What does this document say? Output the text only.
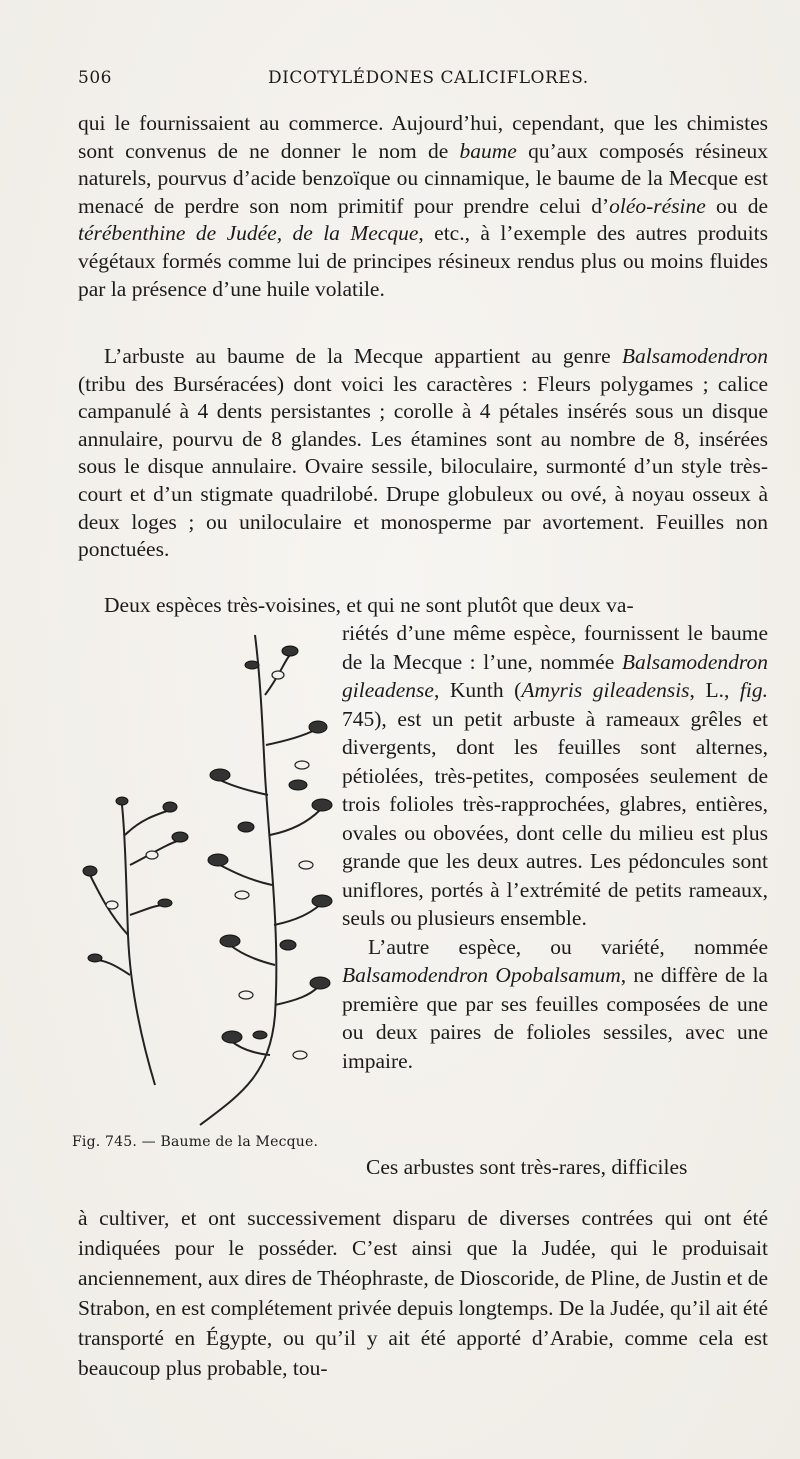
506	DICOTYLÉDONES CALICIFLORES.

qui le fournissaient au commerce. Aujourd’hui, cependant, que les chimistes sont convenus de ne donner le nom de baume qu’aux composés résineux naturels, pourvus d’acide benzoïque ou cinnamique, le baume de la Mecque est menacé de perdre son nom primitif pour prendre celui d’oléo-résine ou de térébenthine de Judée, de la Mecque, etc., à l’exemple des autres produits végétaux formés comme lui de principes résineux rendus plus ou moins fluides par la présence d’une huile volatile.

L’arbuste au baume de la Mecque appartient au genre Balsamodendron (tribu des Burséracées) dont voici les caractères : Fleurs polygames ; calice campanulé à 4 dents persistantes ; corolle à 4 pétales insérés sous un disque annulaire, pourvu de 8 glandes. Les étamines sont au nombre de 8, insérées sous le disque annulaire. Ovaire sessile, biloculaire, surmonté d’un style très-court et d’un stigmate quadrilobé. Drupe globuleux ou ové, à noyau osseux à deux loges ; ou uniloculaire et monosperme par avortement. Feuilles non ponctuées.

Deux espèces très-voisines, et qui ne sont plutôt que deux va-

riétés d’une même espèce, fournissent le baume de la Mecque : l’une, nommée Balsamodendron gileadense, Kunth (Amyris gileadensis, L., fig. 745), est un petit arbuste à rameaux grêles et divergents, dont les feuilles sont alternes, pétiolées, très-petites, composées seulement de trois folioles très-rapprochées, glabres, entières, ovales ou obovées, dont celle du milieu est plus grande que les deux autres. Les pédoncules sont uniflores, portés à l’extrémité de petits rameaux, seuls ou plusieurs ensemble.

L’autre espèce, ou variété, nommée Balsamodendron Opobalsamum, ne diffère de la première que par ses feuilles composées de une ou deux paires de folioles sessiles, avec une impaire.

Fig. 745. — Baume de la Mecque.

Ces arbustes sont très-rares, difficiles

à cultiver, et ont successivement disparu de diverses contrées qui ont été indiquées pour le posséder. C’est ainsi que la Judée, qui le produisait anciennement, aux dires de Théophraste, de Dioscoride, de Pline, de Justin et de Strabon, en est complétement privée depuis longtemps. De la Judée, qu’il ait été transporté en Égypte, ou qu’il y ait été apporté d’Arabie, comme cela est beaucoup plus probable, tou-
